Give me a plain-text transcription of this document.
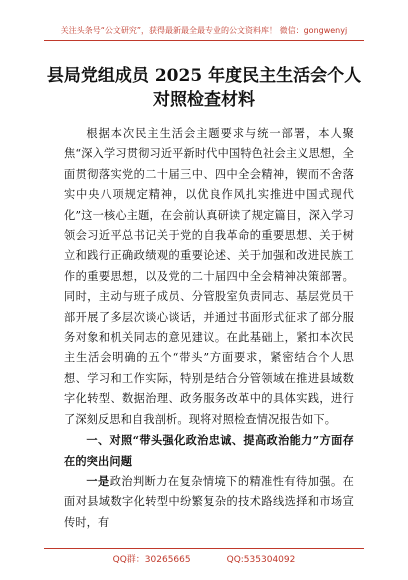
关注头条号“公文研究”，获得最新最全最专业的公文资料库！ 微信：gongwenyj
县局党组成员 2025 年度民主生活会个人
对照检查材料

根据本次民主生活会主题要求与统一部署，本人聚焦“深入学习贯彻习近平新时代中国特色社会主义思想，全面贯彻落实党的二十届三中、四中全会精神，锲而不舍落实中央八项规定精神，以优良作风扎实推进中国式现代化”这一核心主题，在会前认真研读了规定篇目，深入学习领会习近平总书记关于党的自我革命的重要思想、关于树立和践行正确政绩观的重要论述、关于加强和改进民族工作的重要思想，以及党的二十届四中全会精神决策部署。同时，主动与班子成员、分管股室负责同志、基层党员干部开展了多层次谈心谈话，并通过书面形式征求了部分服务对象和机关同志的意见建议。在此基础上，紧扣本次民主生活会明确的五个“带头”方面要求，紧密结合个人思想、学习和工作实际，特别是结合分管领域在推进县域数字化转型、数据治理、政务服务改革中的具体实践，进行了深刻反思和自我剖析。现将对照检查情况报告如下。

一、对照“带头强化政治忠诚、提高政治能力”方面存在的突出问题

一是政治判断力在复杂情境下的精准性有待加强。在面对县域数字化转型中纷繁复杂的技术路线选择和市场宣传时，有

QQ群：30265665	QQ:535304092
